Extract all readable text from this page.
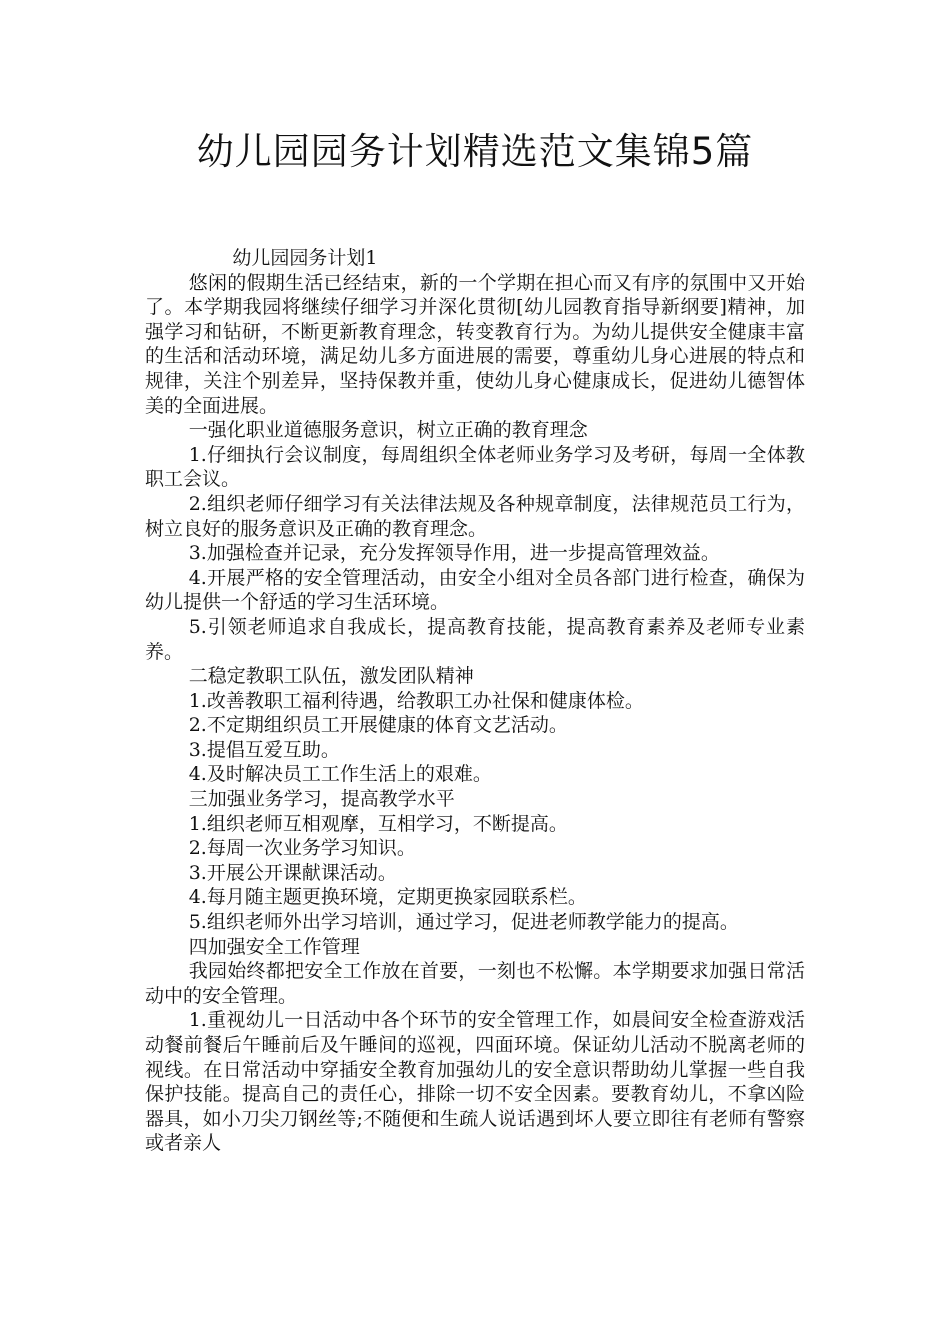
幼儿园园务计划精选范文集锦5篇

幼儿园园务计划1

悠闲的假期生活已经结束，新的一个学期在担心而又有序的氛围中又开始了。本学期我园将继续仔细学习并深化贯彻[幼儿园教育指导新纲要]精神，加强学习和钻研，不断更新教育理念，转变教育行为。为幼儿提供安全健康丰富的生活和活动环境，满足幼儿多方面进展的需要，尊重幼儿身心进展的特点和规律，关注个别差异，坚持保教并重，使幼儿身心健康成长，促进幼儿德智体美的全面进展。

一强化职业道德服务意识，树立正确的教育理念

1.仔细执行会议制度，每周组织全体老师业务学习及考研，每周一全体教职工会议。

2.组织老师仔细学习有关法律法规及各种规章制度，法律规范员工行为，树立良好的服务意识及正确的教育理念。

3.加强检查并记录，充分发挥领导作用，进一步提高管理效益。

4.开展严格的安全管理活动，由安全小组对全员各部门进行检查，确保为幼儿提供一个舒适的学习生活环境。

5.引领老师追求自我成长，提高教育技能，提高教育素养及老师专业素养。

二稳定教职工队伍，激发团队精神

1.改善教职工福利待遇，给教职工办社保和健康体检。

2.不定期组织员工开展健康的体育文艺活动。

3.提倡互爱互助。

4.及时解决员工工作生活上的艰难。

三加强业务学习，提高教学水平

1.组织老师互相观摩，互相学习，不断提高。

2.每周一次业务学习知识。

3.开展公开课献课活动。

4.每月随主题更换环境，定期更换家园联系栏。

5.组织老师外出学习培训，通过学习，促进老师教学能力的提高。

四加强安全工作管理

我园始终都把安全工作放在首要，一刻也不松懈。本学期要求加强日常活动中的安全管理。

1.重视幼儿一日活动中各个环节的安全管理工作，如晨间安全检查游戏活动餐前餐后午睡前后及午睡间的巡视，四面环境。保证幼儿活动不脱离老师的视线。在日常活动中穿插安全教育加强幼儿的安全意识帮助幼儿掌握一些自我保护技能。提高自己的责任心，排除一切不安全因素。要教育幼儿，不拿凶险器具，如小刀尖刀钢丝等;不随便和生疏人说话遇到坏人要立即往有老师有警察或者亲人
